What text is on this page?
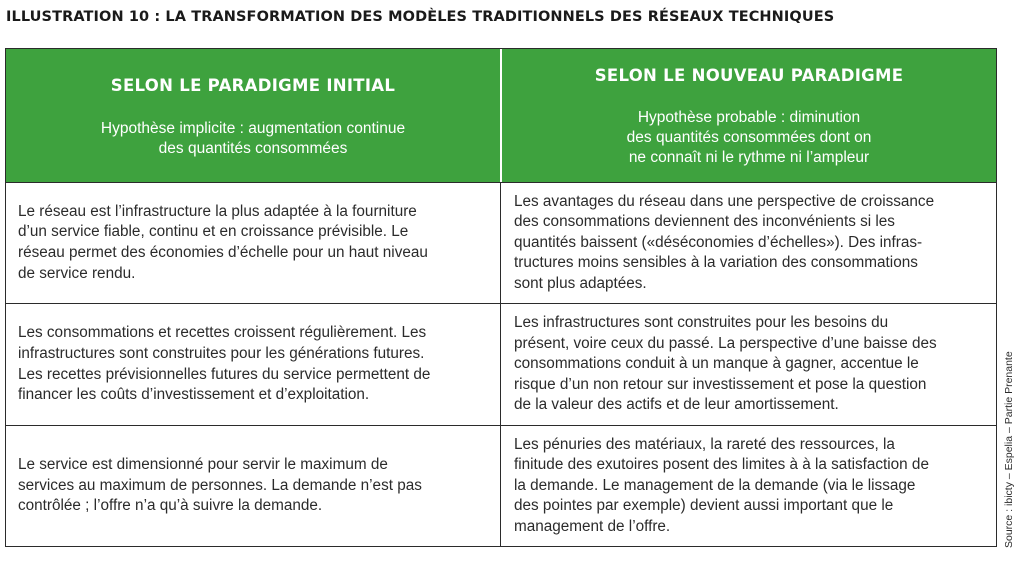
ILLUSTRATION 10 : LA TRANSFORMATION DES MODÈLES TRADITIONNELS DES RÉSEAUX TECHNIQUES
SELON LE PARADIGME INITIAL
Hypothèse implicite : augmentation continue
des quantités consommées
SELON LE NOUVEAU PARADIGME
Hypothèse probable : diminution
des quantités consommées dont on
ne connaît ni le rythme ni l’ampleur

Le réseau est l’infrastructure la plus adaptée à la fourniture
d’un service fiable, continu et en croissance prévisible. Le
réseau permet des économies d’échelle pour un haut niveau
de service rendu.

Les avantages du réseau dans une perspective de croissance
des consommations deviennent des inconvénients si les
quantités baissent («déséconomies d’échelles»). Des infras-
tructures moins sensibles à la variation des consommations
sont plus adaptées.

Les consommations et recettes croissent régulièrement. Les
infrastructures sont construites pour les générations futures.
Les recettes prévisionnelles futures du service permettent de
financer les coûts d’investissement et d’exploitation.

Les infrastructures sont construites pour les besoins du
présent, voire ceux du passé. La perspective d’une baisse des
consommations conduit à un manque à gagner, accentue le
risque d’un non retour sur investissement et pose la question
de la valeur des actifs et de leur amortissement.

Le service est dimensionné pour servir le maximum de
services au maximum de personnes. La demande n’est pas
contrôlée ; l’offre n’a qu’à suivre la demande.

Les pénuries des matériaux, la rareté des ressources, la
finitude des exutoires posent des limites à à la satisfaction de
la demande. Le management de la demande (via le lissage
des pointes par exemple) devient aussi important que le
management de l’offre.	Source : ibicty – Espelia – Partie Prenante
